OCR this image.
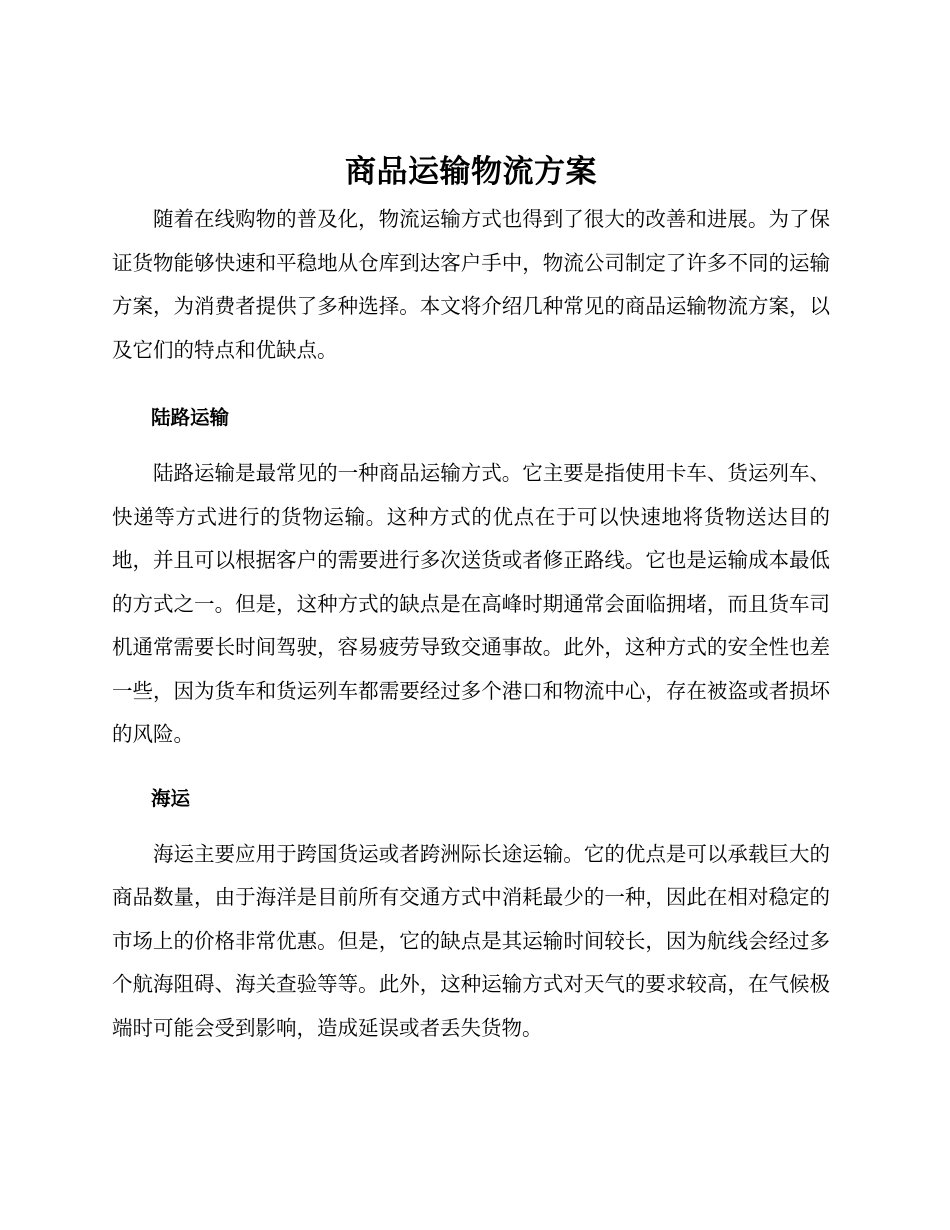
商品运输物流方案

随着在线购物的普及化，物流运输方式也得到了很大的改善和进展。为了保证货物能够快速和平稳地从仓库到达客户手中，物流公司制定了许多不同的运输方案，为消费者提供了多种选择。本文将介绍几种常见的商品运输物流方案，以及它们的特点和优缺点。

陆路运输

陆路运输是最常见的一种商品运输方式。它主要是指使用卡车、货运列车、快递等方式进行的货物运输。这种方式的优点在于可以快速地将货物送达目的地，并且可以根据客户的需要进行多次送货或者修正路线。它也是运输成本最低的方式之一。但是，这种方式的缺点是在高峰时期通常会面临拥堵，而且货车司机通常需要长时间驾驶，容易疲劳导致交通事故。此外，这种方式的安全性也差一些，因为货车和货运列车都需要经过多个港口和物流中心，存在被盗或者损坏的风险。

海运

海运主要应用于跨国货运或者跨洲际长途运输。它的优点是可以承载巨大的商品数量，由于海洋是目前所有交通方式中消耗最少的一种，因此在相对稳定的市场上的价格非常优惠。但是，它的缺点是其运输时间较长，因为航线会经过多个航海阻碍、海关查验等等。此外，这种运输方式对天气的要求较高，在气候极端时可能会受到影响，造成延误或者丢失货物。
